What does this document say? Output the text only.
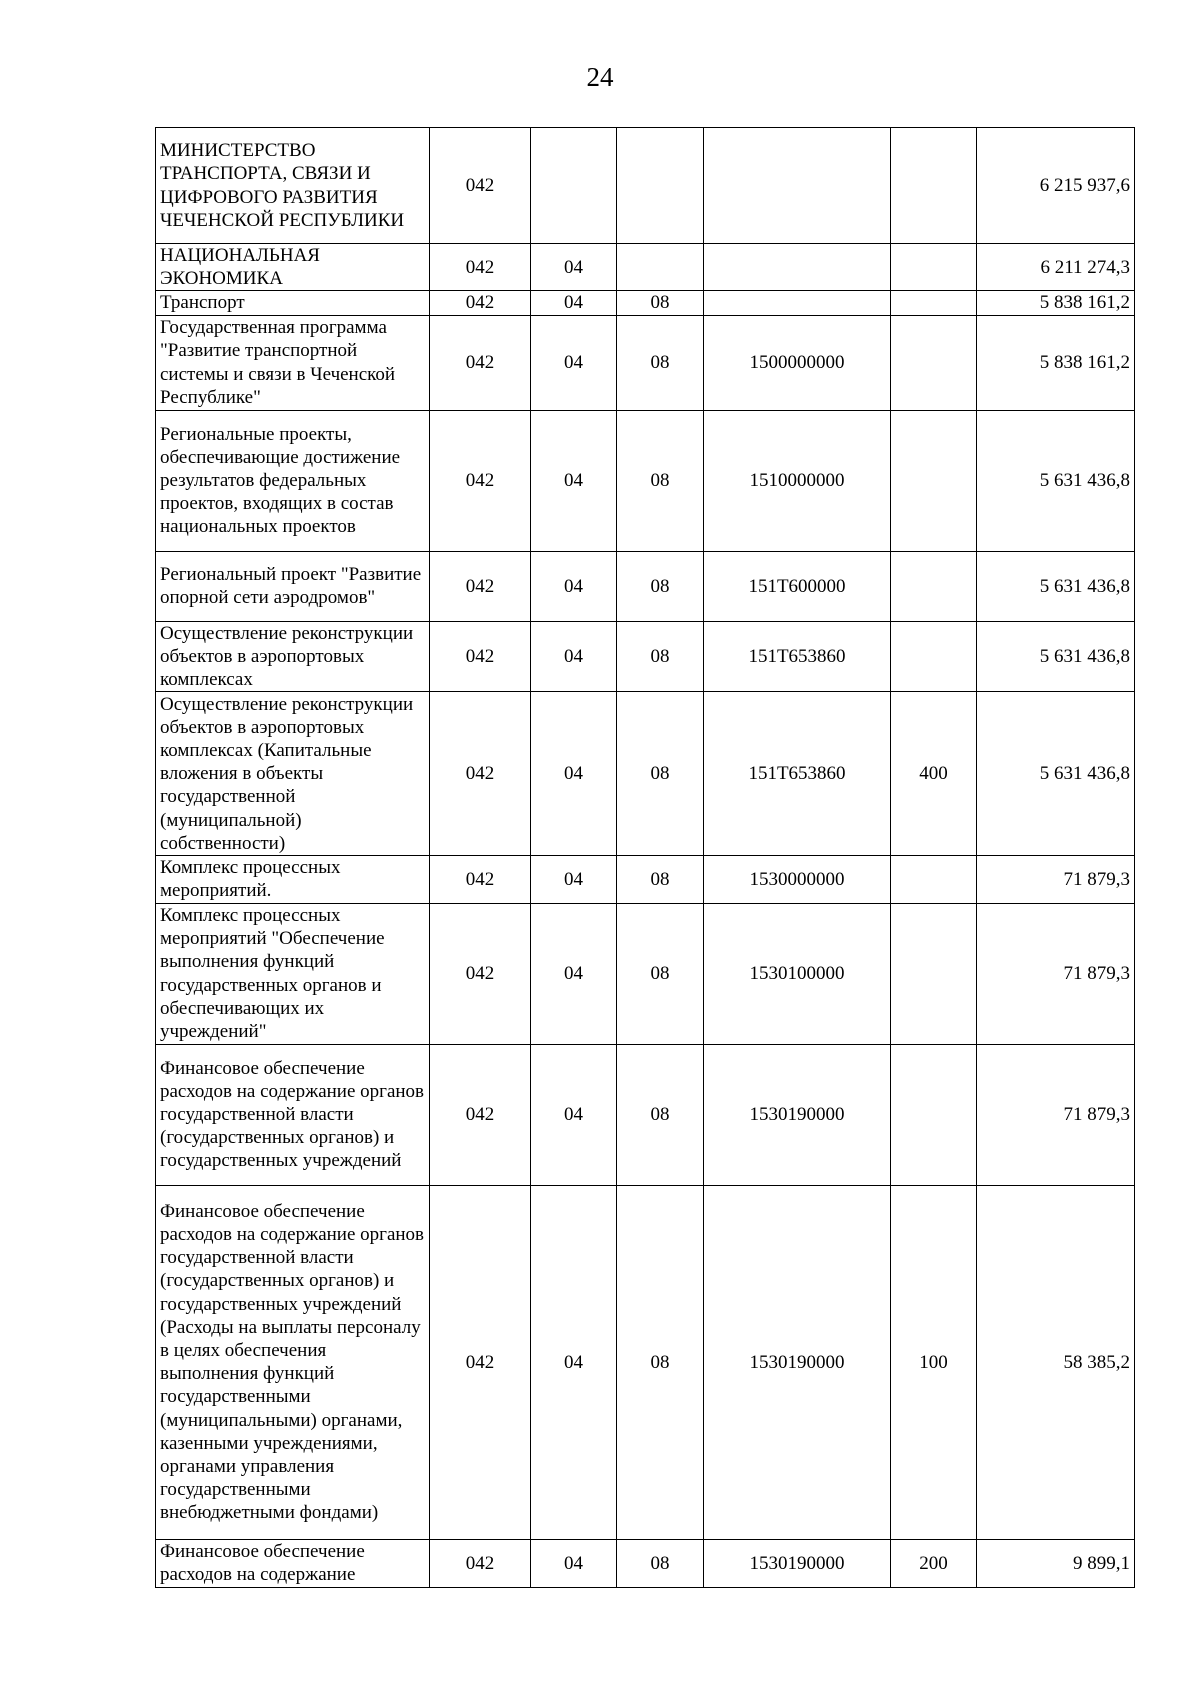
24
МИНИСТЕРСТВО ТРАНСПОРТА, СВЯЗИ И ЦИФРОВОГО РАЗВИТИЯ ЧЕЧЕНСКОЙ РЕСПУБЛИКИ	042					6 215 937,6
НАЦИОНАЛЬНАЯ ЭКОНОМИКА	042	04				6 211 274,3
Транспорт	042	04	08			5 838 161,2
Государственная программа "Развитие транспортной системы и связи в Чеченской Республике"	042	04	08	1500000000		5 838 161,2
Региональные проекты, обеспечивающие достижение результатов федеральных проектов, входящих в состав национальных проектов	042	04	08	1510000000		5 631 436,8
Региональный проект "Развитие опорной сети аэродромов"	042	04	08	151Т600000		5 631 436,8
Осуществление реконструкции объектов в аэропортовых комплексах	042	04	08	151Т653860		5 631 436,8
Осуществление реконструкции объектов в аэропортовых комплексах (Капитальные вложения в объекты государственной (муниципальной) собственности)	042	04	08	151Т653860	400	5 631 436,8
Комплекс процессных мероприятий.	042	04	08	1530000000		71 879,3
Комплекс процессных мероприятий "Обеспечение выполнения функций государственных органов и обеспечивающих их учреждений"	042	04	08	1530100000		71 879,3
Финансовое обеспечение расходов на содержание органов государственной власти (государственных органов) и государственных учреждений	042	04	08	1530190000		71 879,3
Финансовое обеспечение расходов на содержание органов государственной власти (государственных органов) и государственных учреждений (Расходы на выплаты персоналу в целях обеспечения выполнения функций государственными (муниципальными) органами, казенными учреждениями, органами управления государственными внебюджетными фондами)	042	04	08	1530190000	100	58 385,2
Финансовое обеспечение расходов на содержание	042	04	08	1530190000	200	9 899,1
